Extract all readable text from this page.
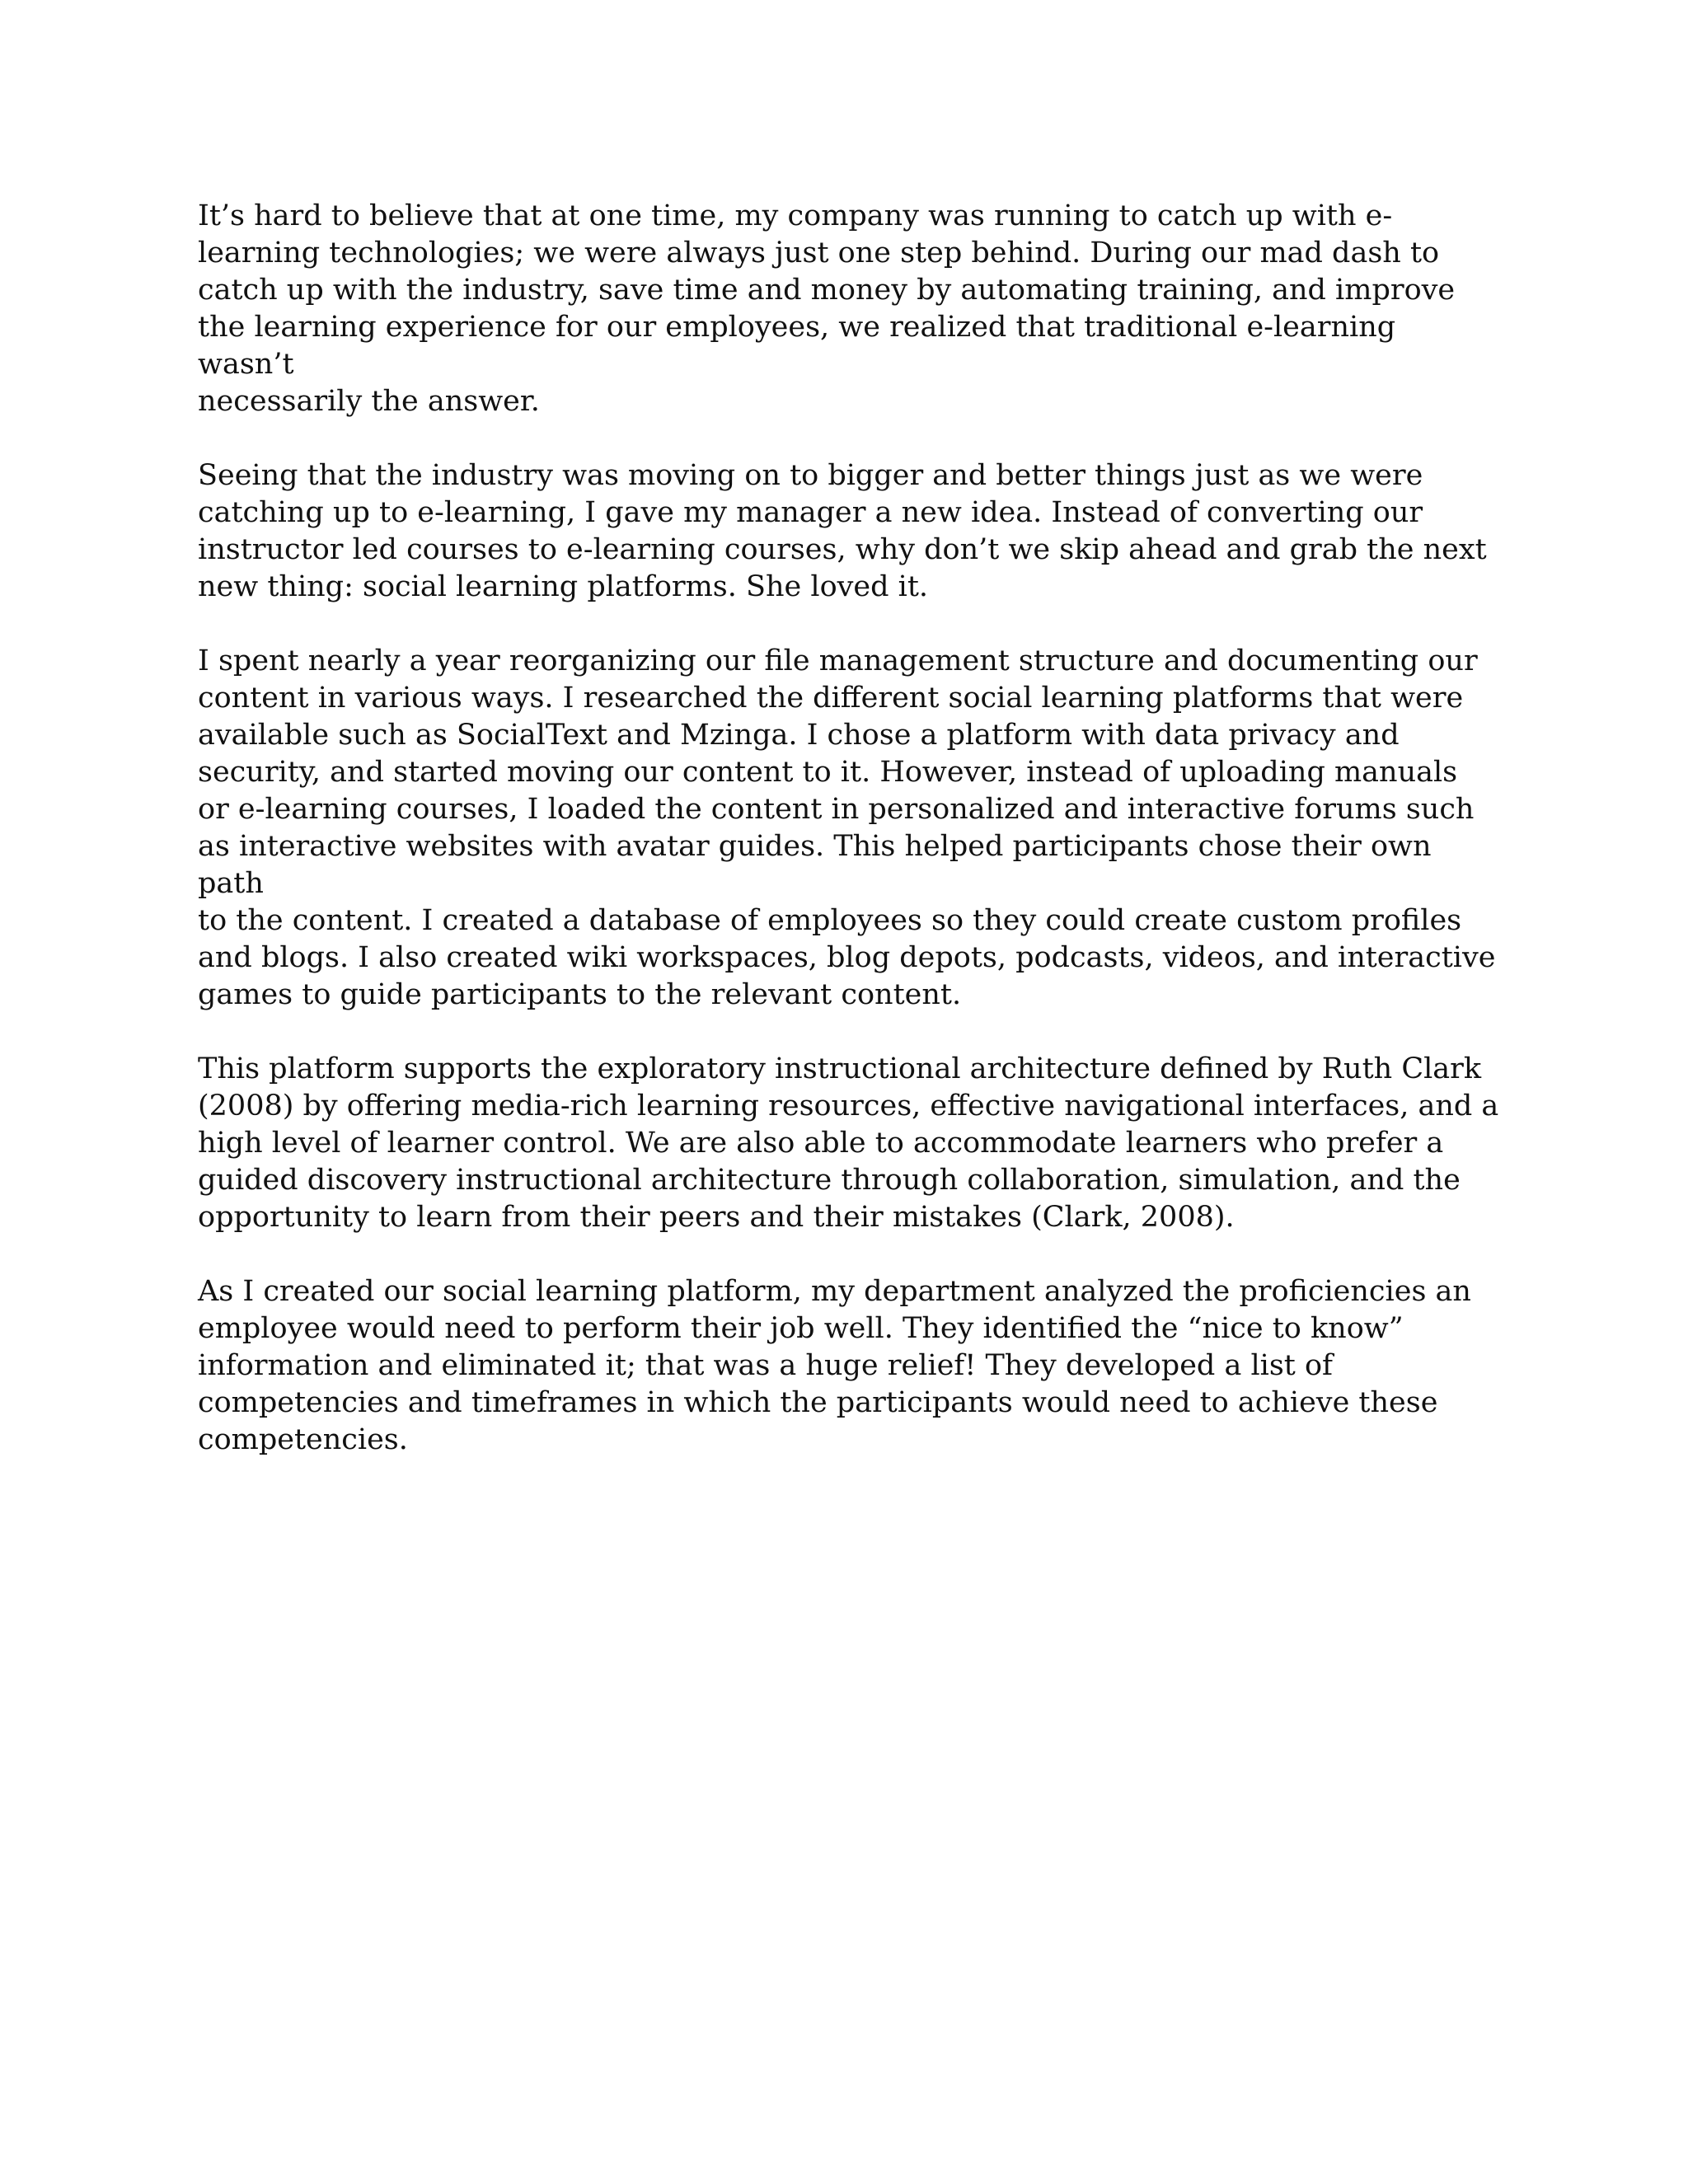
It’s hard to believe that at one time, my company was running to catch up with e-
learning technologies; we were always just one step behind. During our mad dash to
catch up with the industry, save time and money by automating training, and improve
the learning experience for our employees, we realized that traditional e-learning wasn’t
necessarily the answer.

Seeing that the industry was moving on to bigger and better things just as we were
catching up to e-learning, I gave my manager a new idea. Instead of converting our
instructor led courses to e-learning courses, why don’t we skip ahead and grab the next
new thing: social learning platforms. She loved it.

I spent nearly a year reorganizing our file management structure and documenting our
content in various ways. I researched the different social learning platforms that were
available such as SocialText and Mzinga. I chose a platform with data privacy and
security, and started moving our content to it. However, instead of uploading manuals
or e-learning courses, I loaded the content in personalized and interactive forums such
as interactive websites with avatar guides. This helped participants chose their own path
to the content. I created a database of employees so they could create custom profiles
and blogs. I also created wiki workspaces, blog depots, podcasts, videos, and interactive
games to guide participants to the relevant content.

This platform supports the exploratory instructional architecture defined by Ruth Clark
(2008) by offering media-rich learning resources, effective navigational interfaces, and a
high level of learner control. We are also able to accommodate learners who prefer a
guided discovery instructional architecture through collaboration, simulation, and the
opportunity to learn from their peers and their mistakes (Clark, 2008).

As I created our social learning platform, my department analyzed the proficiencies an
employee would need to perform their job well. They identified the “nice to know”
information and eliminated it; that was a huge relief! They developed a list of
competencies and timeframes in which the participants would need to achieve these
competencies.
